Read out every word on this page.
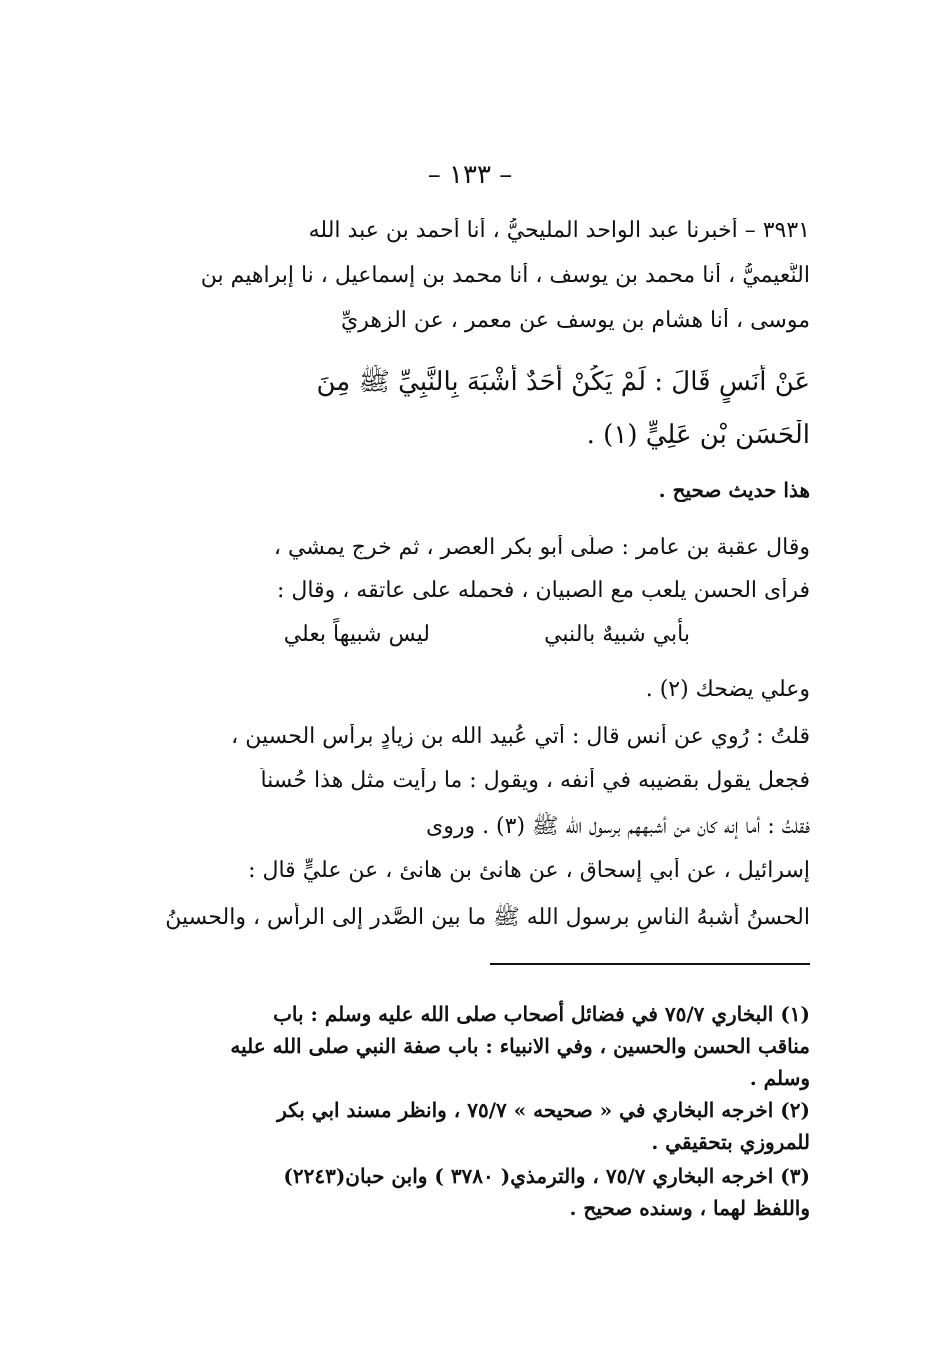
– ١٣٣ –
٣٩٣١ – أخبرنا عبد الواحد المليحيُّ ، أنا أحمد بن عبد الله
النُّعيميُّ ، أنا محمد بن يوسف ، أنا محمد بن إسماعيل ، نا إبراهيم بن
موسى ، أنا هشام بن يوسف عن معمرٍ ، عن الزهريِّ
عَنْ أَنَسٍ قَالَ : لَمْ يَكُنْ أَحَدٌ أَشْبَهَ بِالنَّبِيِّ ﷺ مِنَ
الْحَسَنِ بْنِ عَلِيٍّ (١) .
هذا حديث صحيح .
وقال عقبة بن عامر : صلّى أبو بكر العصر ، ثم خرج يمشي ،
فرأى الحسن يلعب مع الصبيان ، فحمله على عاتقه ، وقال :
بأبي شبيهٌ بالنبي
ليس شبيهاً بعلي
وعلي يضحك (٢) .
قلتُ : رُوي عن أنس قال : أُتي عُبيد الله بن زيادٍ برأس الحسين ،
فجعل يقول بقضيبه في أنفه ، ويقول : ما رأيت مثل هذا حُسناً
فقلتُ : أما إنه كان من أشبههم برسول الله ﷺ (٣) . وروى
إسرائيل ، عن أبي إسحاق ، عن هانئ بن هانئ ، عن عليٍّ قال :
الحسنُ أشبهُ الناسِ برسول الله ﷺ ما بين الصَّدر إلى الرأس ، والحسينُ
(١) البخاري ٧٥/٧ في فضائل أصحاب صلى الله عليه وسلم : باب
مناقب الحسن والحسين ، وفي الانبياء : باب صفة النبي صلى الله عليه
وسلم .
(٢) اخرجه البخاري في « صحيحه » ٧٥/٧ ، وانظر مسند ابي بكر
للمروزي بتحقيقي .
(٣) اخرجه البخاري ٧٥/٧ ، والترمذي( ٣٧٨٠ ) وابن حبان(٢٢٤٣)
واللفظ لهما ، وسنده صحيح .
